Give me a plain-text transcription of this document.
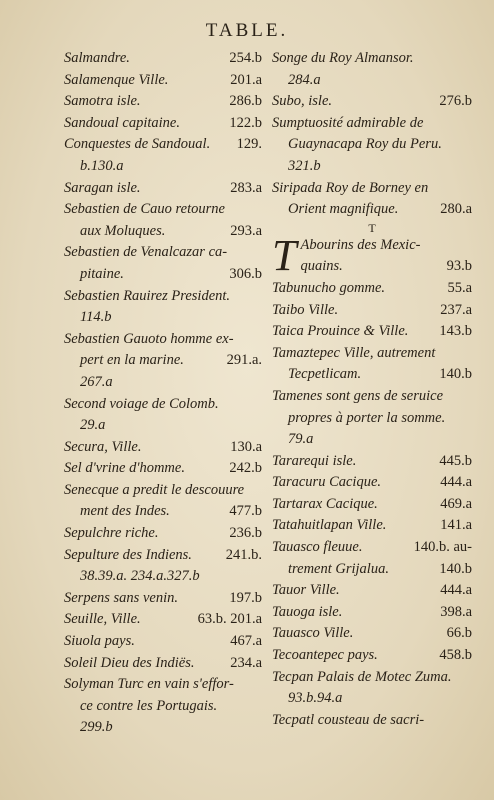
TABLE.
Salmandre.	254.b
Salamenque Ville.	201.a
Samotra isle.	286.b
Sandoual capitaine.	122.b
Conquestes de Sandoual. 129.
b.130.a
Saragan isle.	283.a
Sebastien de Cauo retourne
aux Moluques.	293.a
Sebastien de Venalcazar ca-
pitaine.	306.b
Sebastien Rauirez President.
114.b
Sebastien Gauoto homme ex-
pert en la marine.	291.a.
267.a
Second voiage de Colomb.
29.a
Secura, Ville.	130.a
Sel d'vrine d'homme.	242.b
Senecque a predit le descouure
ment des Indes.	477.b
Sepulchre riche.	236.b
Sepulture des Indiens. 241.b.
38.39.a. 234.a.327.b
Serpens sans venin.	197.b
Seuille, Ville.	63.b. 201.a
Siuola pays.	467.a
Soleil Dieu des Indiës. 234.a
Solyman Turc en vain s'effor-
ce contre les Portugais.
299.b
Songe du Roy Almansor.
284.a
Subo, isle.	276.b
Sumptuosité admirable de
Guaynacapa Roy du Peru.
321.b
Siripada Roy de Borney en
Orient magnifique.	280.a
T
T Abourins des Mexic-
quains.	93.b
Tabunucho gomme.	55.a
Taibo Ville.	237.a
Taica Prouince & Ville. 143.b
Tamaztepec Ville, autrement
Tecpetlicam.	140.b
Tamenes sont gens de seruice
propres à porter la somme.
79.a
Tararequi isle.	445.b
Taracuru Cacique.	444.a
Tartarax Cacique.	469.a
Tatahuitlapan Ville.	141.a
Tauasco fleuue.	140.b. au-
trement Grijalua.	140.b
Tauor Ville.	444.a
Tauoga isle.	398.a
Tauasco Ville.	66.b
Tecoantepec pays.	458.b
Tecpan Palais de Motec Zuma.
93.b.94.a
Tecpatl cousteau de sacri-
